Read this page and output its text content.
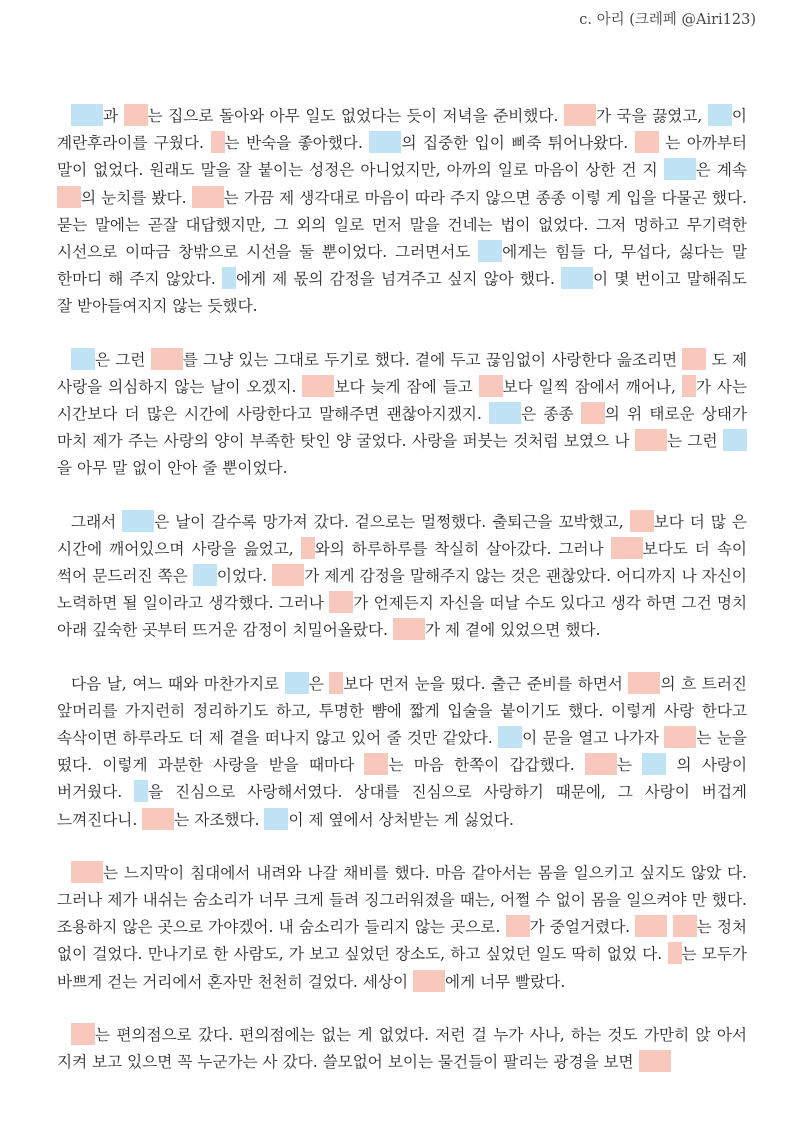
c. 아리 (크레페 @Airi123)

과 는 집으로 돌아와 아무 일도 없었다는 듯이 저녁을 준비했다. 가 국을 끓였고, 이 계란후라이를 구웠다. 는 반숙을 좋아했다. 의 집중한 입이 삐죽 튀어나왔다.  는 아까부터 말이 없었다. 원래도 말을 잘 붙이는 성정은 아니었지만, 아까의 일로 마음이 상한 건 지 은 계속 의 눈치를 봤다. 는 가끔 제 생각대로 마음이 따라 주지 않으면 종종 이렇 게 입을 다물곤 했다. 묻는 말에는 곧잘 대답했지만, 그 외의 일로 먼저 말을 건네는 법이 없었다. 그저 멍하고 무기력한 시선으로 이따금 창밖으로 시선을 둘 뿐이었다. 그러면서도 에게는 힘들 다, 무섭다, 싫다는 말 한마디 해 주지 않았다. 에게 제 몫의 감정을 넘겨주고 싶지 않아 했다. 이 몇 번이고 말해줘도 잘 받아들여지지 않는 듯했다.

은 그런 를 그냥 있는 그대로 두기로 했다. 곁에 두고 끊임없이 사랑한다 읊조리면  도 제 사랑을 의심하지 않는 날이 오겠지. 보다 늦게 잠에 들고 보다 일찍 잠에서 깨어나, 가 사는 시간보다 더 많은 시간에 사랑한다고 말해주면 괜찮아지겠지. 은 종종 의 위 태로운 상태가 마치 제가 주는 사랑의 양이 부족한 탓인 양 굴었다. 사랑을 퍼붓는 것처럼 보였으 나 는 그런 을 아무 말 없이 안아 줄 뿐이었다.

그래서 은 날이 갈수록 망가져 갔다. 겉으로는 멀쩡했다. 출퇴근을 꼬박했고, 보다 더 많 은 시간에 깨어있으며 사랑을 읊었고, 와의 하루하루를 착실히 살아갔다. 그러나 보다도 더 속이 썩어 문드러진 쪽은 이었다. 가 제게 감정을 말해주지 않는 것은 괜찮았다. 어디까지 나 자신이 노력하면 될 일이라고 생각했다. 그러나 가 언제든지 자신을 떠날 수도 있다고 생각 하면 그건 명치 아래 깊숙한 곳부터 뜨거운 감정이 치밀어올랐다. 가 제 곁에 있었으면 했다.

다음 날, 여느 때와 마찬가지로 은 보다 먼저 눈을 떴다. 출근 준비를 하면서 의 흐 트러진 앞머리를 가지런히 정리하기도 하고, 투명한 뺨에 짧게 입술을 붙이기도 했다. 이렇게 사랑 한다고 속삭이면 하루라도 더 제 곁을 떠나지 않고 있어 줄 것만 같았다. 이 문을 열고 나가자 는 눈을 떴다. 이렇게 과분한 사랑을 받을 때마다 는 마음 한쪽이 갑갑했다. 는  의 사랑이 버거웠다. 을 진심으로 사랑해서였다. 상대를 진심으로 사랑하기 때문에, 그 사랑이 버겁게 느껴진다니. 는 자조했다. 이 제 옆에서 상처받는 게 싫었다.

는 느지막이 침대에서 내려와 나갈 채비를 했다. 마음 같아서는 몸을 일으키고 싶지도 않았 다. 그러나 제가 내쉬는 숨소리가 너무 크게 들려 징그러워졌을 때는, 어쩔 수 없이 몸을 일으켜야 만 했다. 조용하지 않은 곳으로 가야겠어. 내 숨소리가 들리지 않는 곳으로. 가 중얼거렸다.	는 정처 없이 걸었다. 만나기로 한 사람도, 가 보고 싶었던 장소도, 하고 싶었던 일도 딱히 없었 다. 는 모두가 바쁘게 걷는 거리에서 혼자만 천천히 걸었다. 세상이 에게 너무 빨랐다.

는 편의점으로 갔다. 편의점에는 없는 게 없었다. 저런 걸 누가 사나, 하는 것도 가만히 앉 아서 지켜 보고 있으면 꼭 누군가는 사 갔다. 쓸모없어 보이는 물건들이 팔리는 광경을 보면
